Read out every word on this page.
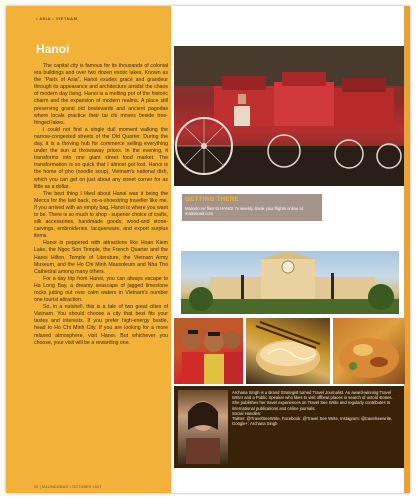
• ASIA • VIETNAM
Hanoi

The capital city is famous for its thousands of colonial era buildings and over two dozen exotic lakes. Known as the “Paris of Asia”, Hanoi exudes grace and grandeur through its appearance and architecture amidst the chaos of modern day living. Hanoi is a melting pot of the historic charm and the expansion of modern realms. A place still preserving grand old boulevards and ancient pagodas where locals practice their tai chi moves beside tree-fringed lakes.

I could not find a single dull moment walking the narrow-congested streets of the Old Quarter. During the day, it is a thriving hub for commerce selling everything under the sun at throwaway prices. In the evening, it transforms into one giant street food market. The transformation is so quick that I almost got lost. Hanoi is the home of pho (noodle soup), Vietnam's national dish, which you can get on just about any street corner for as little as a dollar.

The best thing I liked about Hanoi was it being the Mecca for the laid back, on-a-shoestring traveller like me. If you arrived with an empty bag, Hanoi is where you want to be. There is so much to shop - superior choice of crafts, silk accessories, handmade goods, wood-and stone-carvings, embroideries, lacquerware, and export surplus items.

Hanoi is peppered with attractions like Hoan Kiem Lake, the Ngoc Son Temple, the French Quarter and the Hanoi Hilton, Temple of Literature, the Vietnam Army Museum, and the Ho Chi Minh Mausoleum and Nha Tho Cathedral among many others.

For a day trip from Hanoi, you can always escape to Ha Long Bay, a dreamy seascape of jagged limestone rocks jutting out over calm waters in Vietnam's number one tourist attraction.

So, in a nutshell, this is a tale of two great cities of Vietnam. You should choose a city that best fits your tastes and interests. If you prefer high-energy bustle, head to Ho Chi Minh City. If you are looking for a more relaxed atmosphere, visit Hanoi. But whichever you choose, your visit will be a rewarding one.

20 | MALINDOMAG • OCTOBER 2017
GETTING THERE
Malindo Air flies to HANOI 7x weekly. Book your flights online at malindoair.com
Archana Singh is a Brand Strategist turned Travel Journalist. An award-winning Travel Writer and a Public Speaker who likes to visit offbeat places in search of untold stories. She publishes her travel experiences on Travel See Write and regularly contributes to international publications and online journals.
Social Handles:
Twitter: @TravelSeeWrite, Facebook: @Travel See Write, Instagram: @travelseewrite, Google+: Archana Singh
